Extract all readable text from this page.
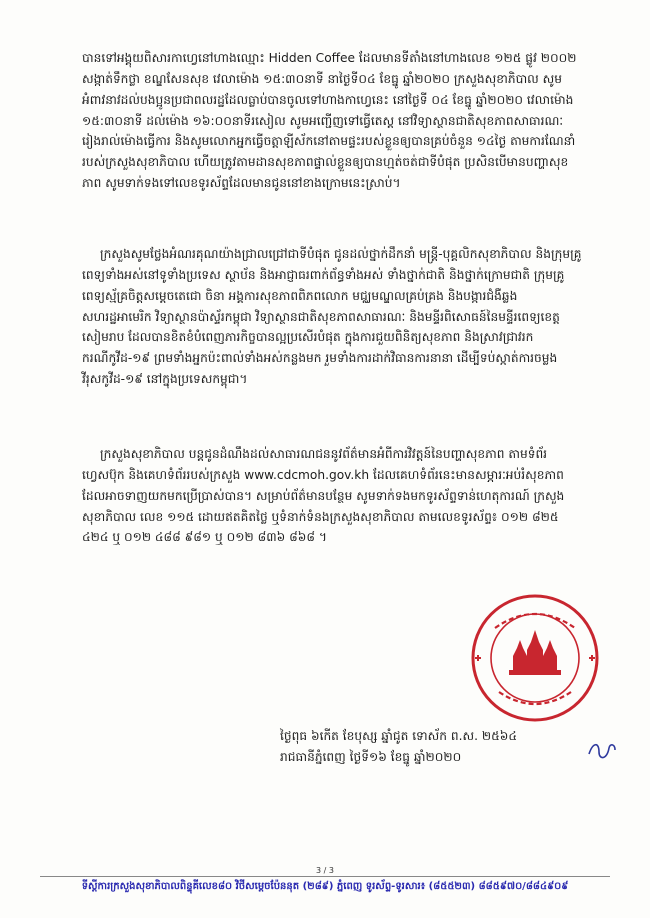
បានទៅអង្គុយពិសារកាហ្វេនៅហាងឈ្មោះ Hidden Coffee ដែលមានទីតាំងនៅហាងលេខ ១២៥ ផ្លូវ ២០០២ សង្កាត់ទឹកថ្លា ខណ្ឌសែនសុខ វេលាម៉ោង ១៥:៣០នាទី នាថ្ងៃទី០៤ ខែធ្នូ ឆ្នាំ២០២០ ក្រសួងសុខាភិបាល សូមអំពាវនាវដល់បងប្អូនប្រជាពលរដ្ឋដែលធ្លាប់បានចូលទៅហាងកាហ្វេនេះ នៅថ្ងៃទី ០៤ ខែធ្នូ ឆ្នាំ២០២០ វេលាម៉ោង ១៥:៣០នាទី ដល់ម៉ោង ១៦:០០នាទីរសៀល សូមអញ្ជើញទៅធ្វើតេស្ត នៅវិទ្យាស្ថានជាតិសុខភាពសាធារណៈ រៀងរាល់ម៉ោងធ្វើការ និងសូមលោកអ្នកធ្វើចត្តាឡីស័កនៅតាមផ្ទះរបស់ខ្លួនឲ្យបានគ្រប់ចំនួន ១៤ថ្ងៃ តាមការណែនាំរបស់ក្រសួងសុខាភិបាល ហើយត្រូវតាមដានសុខភាពផ្ទាល់ខ្លួនឲ្យបានហ្មត់ចត់ជាទីបំផុត ប្រសិនបើមានបញ្ហាសុខភាព សូមទាក់ទងទៅលេខទូរស័ព្ទដែលមានជូននៅខាងក្រោមនេះស្រាប់។

ក្រសួងសូមថ្លែងអំណរគុណយ៉ាងជ្រាលជ្រៅជាទីបំផុត ជូនដល់ថ្នាក់ដឹកនាំ មន្ត្រី-បុគ្គលិកសុខាភិបាល និងក្រុមគ្រូពេទ្យទាំងអស់នៅទូទាំងប្រទេស ស្ថាប័ន និងអាជ្ញាធរពាក់ព័ន្ធទាំងអស់ ទាំងថ្នាក់ជាតិ និងថ្នាក់ក្រោមជាតិ ក្រុមគ្រូពេទ្យស្ម័គ្រចិត្តសម្ដេចតេជោ ចិនា អង្គការសុខភាពពិភពលោក មជ្ឈមណ្ឌលគ្រប់គ្រង និងបង្ការជំងឺឆ្លងសហរដ្ឋអាមេរិក វិទ្យាស្ថានប៉ាស្ទ័រកម្ពុជា វិទ្យាស្ថានជាតិសុខភាពសាធារណៈ និងមន្ទីរពិសោធន៍នៃមន្ទីរពេទ្យខេត្តសៀមរាប ដែលបានខិតខំបំពេញភារកិច្ចបានល្អប្រសើរបំផុត ក្នុងការជួយពិនិត្យសុខភាព និងស្រាវជ្រាវរកករណីកូវីដ-១៩ ព្រមទាំងអ្នកប៉ះពាល់ទាំងអស់កន្លងមក រួមទាំងការដាក់វិធានការនានា ដើម្បីទប់ស្កាត់ការចម្លងវីរុសកូវីដ-១៩ នៅក្នុងប្រទេសកម្ពុជា។

ក្រសួងសុខាភិបាល បន្តជូនដំណឹងដល់សាធារណជននូវព័ត៌មានអំពីការវិវត្តន៍នៃបញ្ហាសុខភាព តាមទំព័រហ្វេសប៊ុក និងគេហទំព័ររបស់ក្រសួង www.cdcmoh.gov.kh ដែលគេហទំព័រនេះមានសម្ភារៈអប់រំសុខភាពដែលអាចទាញយកមកប្រើប្រាស់បាន។ សម្រាប់ព័ត៌មានបន្ថែម សូមទាក់ទងមកទូរស័ព្ទទាន់ហេតុការណ៍ ក្រសួងសុខាភិបាល លេខ ១១៥ ដោយឥតគិតថ្លៃ ឬទំនាក់ទំនងក្រសួងសុខាភិបាល តាមលេខទូរស័ព្ទ៖ ០១២ ៨២៥ ៤២៤ ឬ ០១២ ៤៨៨ ៩៨១ ឬ ០១២ ៨៣៦ ៨៦៨ ។

ថ្ងៃពុធ ៦កើត ខែបុស្ស ឆ្នាំជូត ទោស័ក ព.ស. ២៥៦៤
រាជធានីភ្នំពេញ ថ្ងៃទី១៦ ខែធ្នូ ឆ្នាំ២០២០
3 / 3
ទីស្ដីការក្រសួងសុខាភិបាលពិន្ទុគីលេខ៨០ វិថីសម្ដេចប៉ែននុត (២៨៩) ភ្នំពេញ ទូរស័ព្ទ-ទូរសារ៖ (៨៥៥២៣) ៨៨៥៩៧០/៨៨៤៩០៩
